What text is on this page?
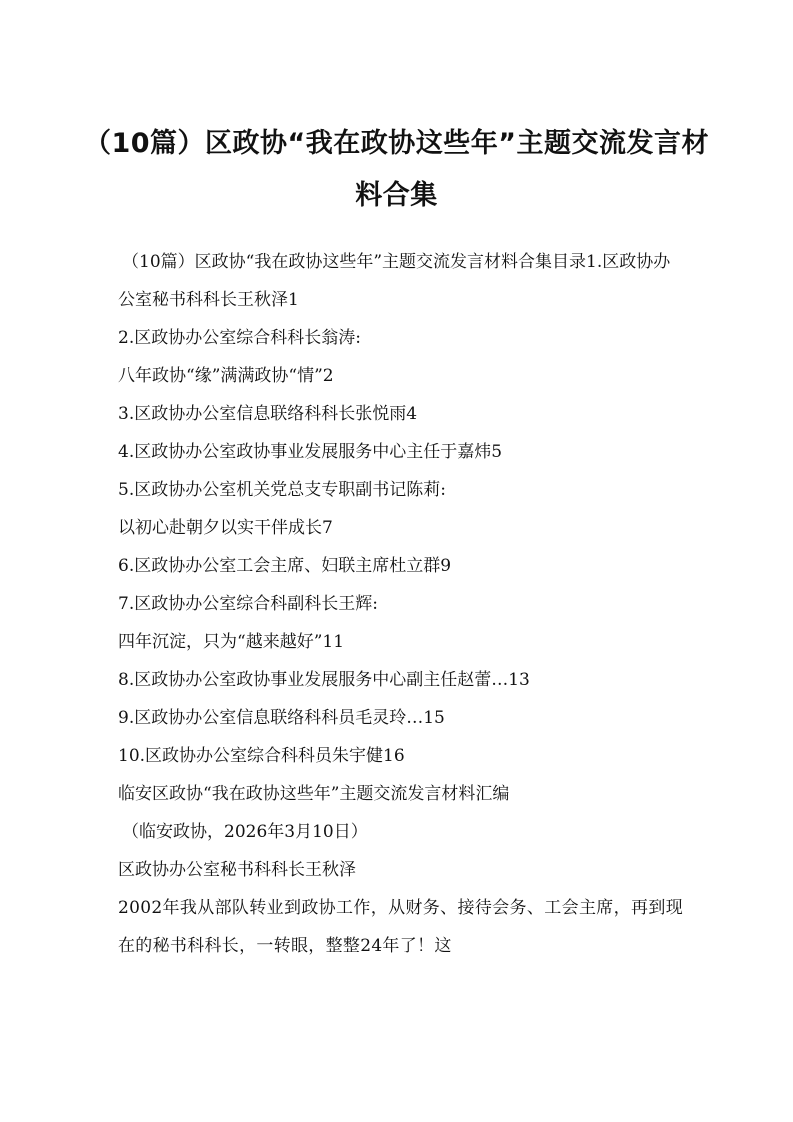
（10篇）区政协“我在政协这些年”主题交流发言材料合集

（10篇）区政协“我在政协这些年”主题交流发言材料合集目录1.区政协办公室秘书科科长王秋泽1

2.区政协办公室综合科科长翁涛:

八年政协“缘”满满政协“情”2

3.区政协办公室信息联络科科长张悦雨4

4.区政协办公室政协事业发展服务中心主任于嘉炜5

5.区政协办公室机关党总支专职副书记陈莉:

以初心赴朝夕以实干伴成长7

6.区政协办公室工会主席、妇联主席杜立群9

7.区政协办公室综合科副科长王辉:

四年沉淀，只为“越来越好”11

8.区政协办公室政协事业发展服务中心副主任赵蕾…13

9.区政协办公室信息联络科科员毛灵玲…15

10.区政协办公室综合科科员朱宇健16

临安区政协“我在政协这些年”主题交流发言材料汇编

（临安政协，2026年3月10日）

区政协办公室秘书科科长王秋泽

2002年我从部队转业到政协工作，从财务、接待会务、工会主席，再到现在的秘书科科长，一转眼，整整24年了！这
